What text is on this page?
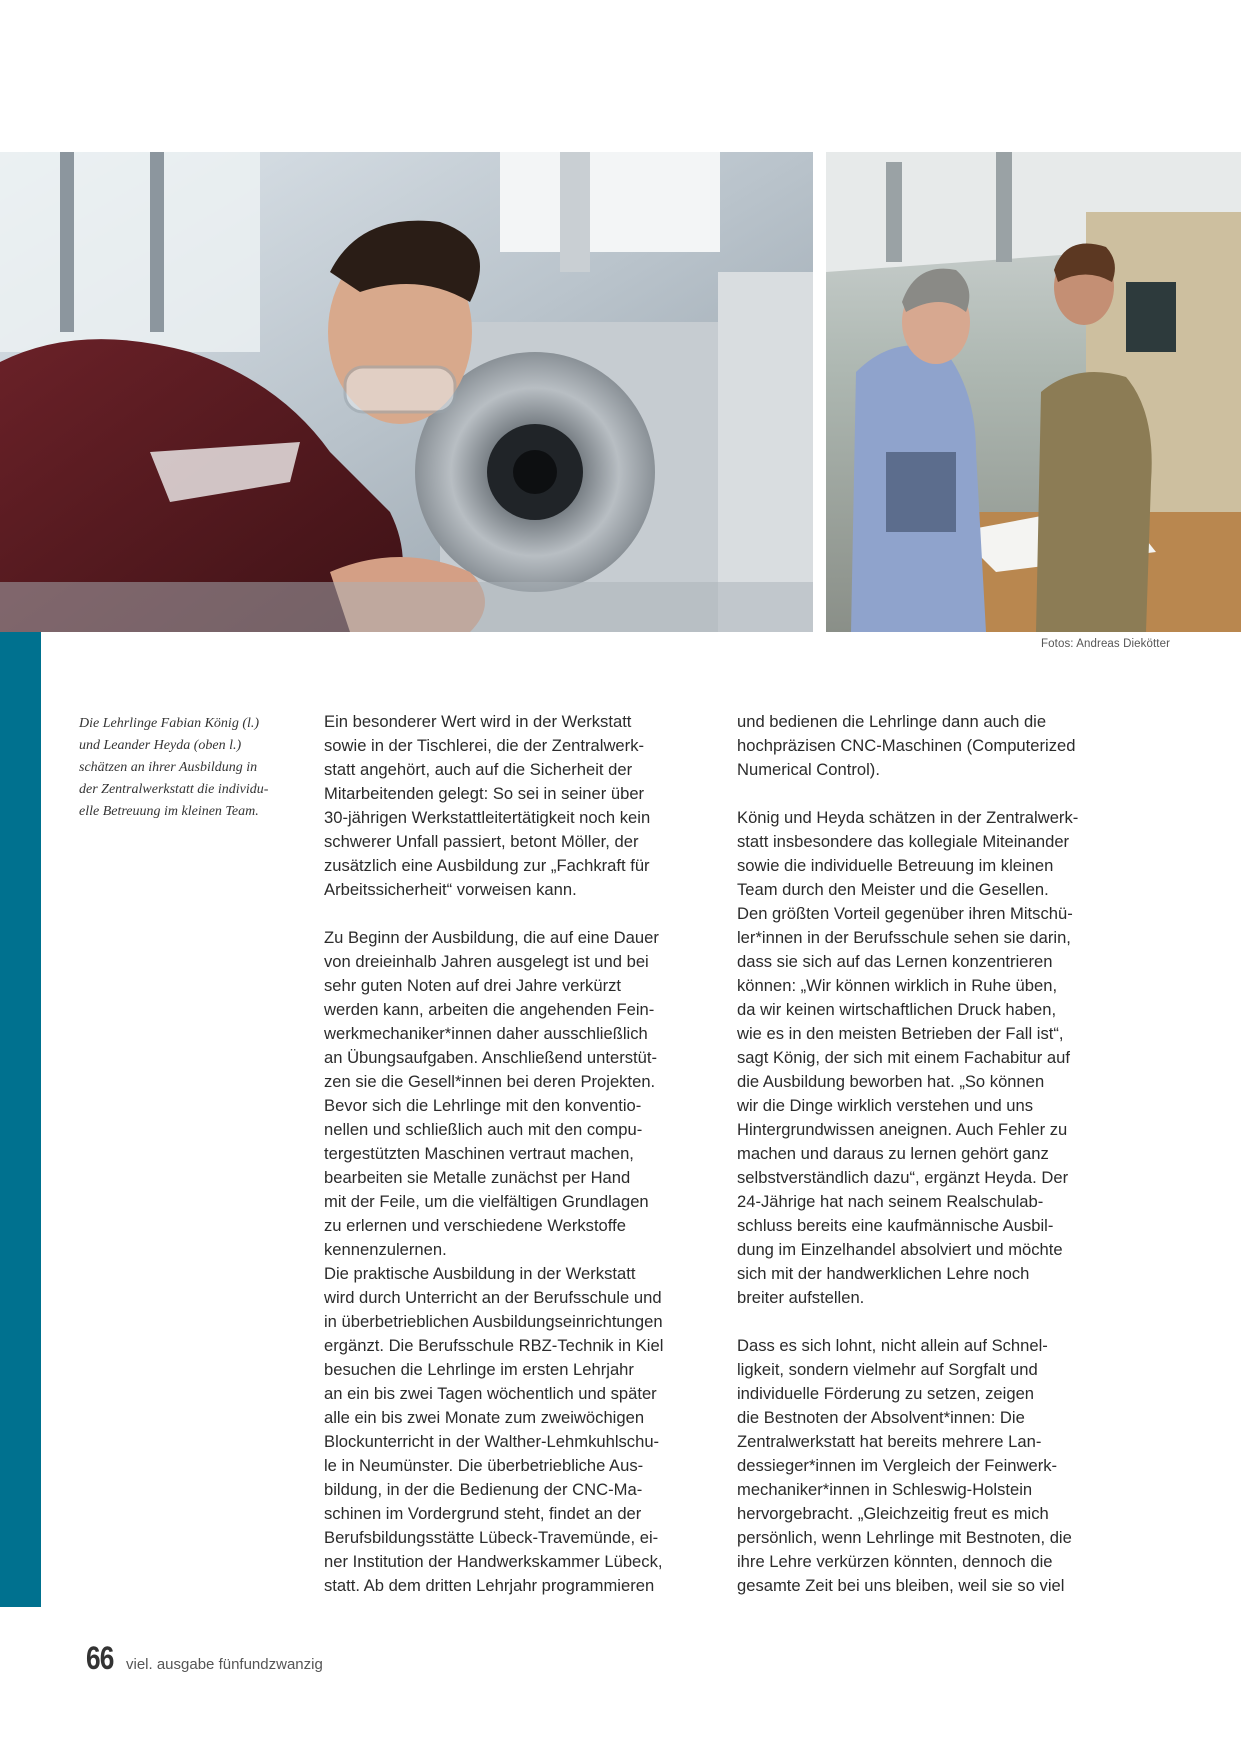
Fotos: Andreas Diekötter

Die Lehrlinge Fabian König (l.)
und Leander Heyda (oben l.)
schätzen an ihrer Ausbildung in
der Zentralwerkstatt die individu-
elle Betreuung im kleinen Team.

Ein besonderer Wert wird in der Werkstatt
sowie in der Tischlerei, die der Zentralwerk-
statt angehört, auch auf die Sicherheit der
Mitarbeitenden gelegt: So sei in seiner über
30-jährigen Werkstattleitertätigkeit noch kein
schwerer Unfall passiert, betont Möller, der
zusätzlich eine Ausbildung zur „Fachkraft für
Arbeitssicherheit“ vorweisen kann.

Zu Beginn der Ausbildung, die auf eine Dauer
von dreieinhalb Jahren ausgelegt ist und bei
sehr guten Noten auf drei Jahre verkürzt
werden kann, arbeiten die angehenden Fein-
werkmechaniker*innen daher ausschließlich
an Übungsaufgaben. Anschließend unterstüt-
zen sie die Gesell*innen bei deren Projekten.
Bevor sich die Lehrlinge mit den konventio-
nellen und schließlich auch mit den compu-
tergestützten Maschinen vertraut machen,
bearbeiten sie Metalle zunächst per Hand
mit der Feile, um die vielfältigen Grundlagen
zu erlernen und verschiedene Werkstoffe
kennenzulernen.

Die praktische Ausbildung in der Werkstatt
wird durch Unterricht an der Berufsschule und
in überbetrieblichen Ausbildungseinrichtungen
ergänzt. Die Berufsschule RBZ-Technik in Kiel
besuchen die Lehrlinge im ersten Lehrjahr
an ein bis zwei Tagen wöchentlich und später
alle ein bis zwei Monate zum zweiwöchigen
Blockunterricht in der Walther-Lehmkuhlschu-
le in Neumünster. Die überbetriebliche Aus-
bildung, in der die Bedienung der CNC-Ma-
schinen im Vordergrund steht, findet an der
Berufsbildungsstätte Lübeck-Travemünde, ei-
ner Institution der Handwerkskammer Lübeck,
statt. Ab dem dritten Lehrjahr programmieren

und bedienen die Lehrlinge dann auch die
hochpräzisen CNC-Maschinen (Computerized
Numerical Control).

König und Heyda schätzen in der Zentralwerk-
statt insbesondere das kollegiale Miteinander
sowie die individuelle Betreuung im kleinen
Team durch den Meister und die Gesellen.
Den größten Vorteil gegenüber ihren Mitschü-
ler*innen in der Berufsschule sehen sie darin,
dass sie sich auf das Lernen konzentrieren
können: „Wir können wirklich in Ruhe üben,
da wir keinen wirtschaftlichen Druck haben,
wie es in den meisten Betrieben der Fall ist“,
sagt König, der sich mit einem Fachabitur auf
die Ausbildung beworben hat. „So können
wir die Dinge wirklich verstehen und uns
Hintergrundwissen aneignen. Auch Fehler zu
machen und daraus zu lernen gehört ganz
selbstverständlich dazu“, ergänzt Heyda. Der
24-Jährige hat nach seinem Realschulab-
schluss bereits eine kaufmännische Ausbil-
dung im Einzelhandel absolviert und möchte
sich mit der handwerklichen Lehre noch
breiter aufstellen.

Dass es sich lohnt, nicht allein auf Schnel-
ligkeit, sondern vielmehr auf Sorgfalt und
individuelle Förderung zu setzen, zeigen
die Bestnoten der Absolvent*innen: Die
Zentralwerkstatt hat bereits mehrere Lan-
dessieger*innen im Vergleich der Feinwerk-
mechaniker*innen in Schleswig-Holstein
hervorgebracht. „Gleichzeitig freut es mich
persönlich, wenn Lehrlinge mit Bestnoten, die
ihre Lehre verkürzen könnten, dennoch die
gesamte Zeit bei uns bleiben, weil sie so viel

66 viel. ausgabe fünfundzwanzig
